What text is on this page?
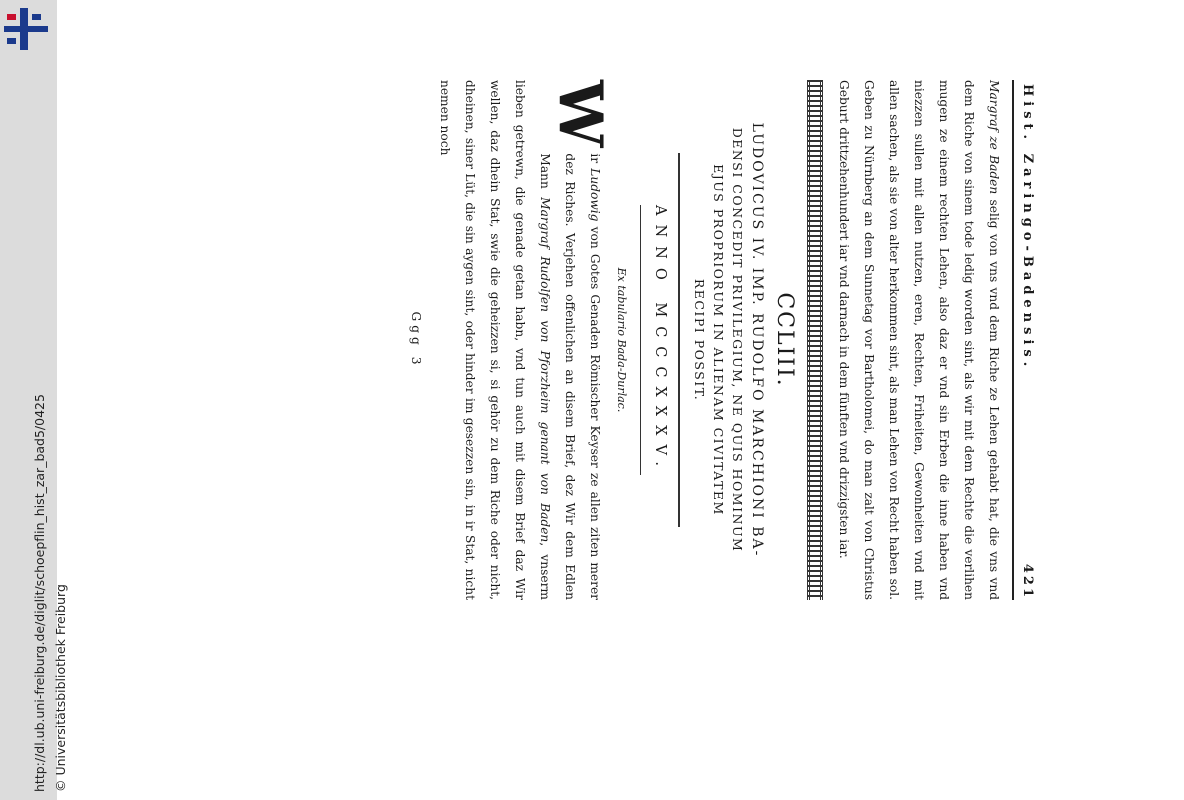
http://dl.ub.uni-freiburg.de/diglit/schoepflin_hist_zar_bad5/0425 © Universitätsbibliothek Freiburg
Hist. Zaringo-Badensis.
421
Margraf ze Baden selig von vns vnd dem Riche ze Lehen gehabt hat, die vns vnd dem Riche von sinem tode ledig worden sint, als wir mit dem Rechte die verlihen mugen ze einem rechten Lehen, also daz er vnd sin Erben die inne haben vnd niezzen sullen mit allen nutzen, eren, Rechten, Friheiten, Gewonheiten vnd mit allen sachen, als sie von alter herkommen sint, als man Lehen von Recht haben sol. Geben zu Nürnberg an dem Sunnetag vor Bartholomei, do man zalt von Christus Geburt drittzehenhundert iar vnd darnach in dem fünften vnd drizzigsten iar.
CCLIII.
LUDOVICUS IV. IMP. RUDOLFO MARCHIONI BA-
DENSI CONCEDIT PRIVILEGIUM, NE QUIS HOMINUM
EJUS PROPRIORUM IN ALIENAM CIVITATEM
RECIPI POSSIT.
ANNO MCCCXXXV.
Ex tabulario Bada-Durlac.
W
ir Ludowig von Gotes Genaden Römischer Keyser ze allen ziten merer dez Riches. Verjehen offenlichen an disem Brief, dez Wir dem Edlen Mann Margraf Rudolfen von Pforzheim genant von Baden, vnserm lieben getrewn, die genade getan habn, vnd tun auch mit disem Brief daz Wir wellen, daz dhein Stat, swie die geheizzen si, si gehör zu dem Riche oder nicht, dheinen, siner Lüt, die sin aygen sint, oder hinder im gesezzen sin, in ir Stat, nicht nemen noch
Ggg 3
